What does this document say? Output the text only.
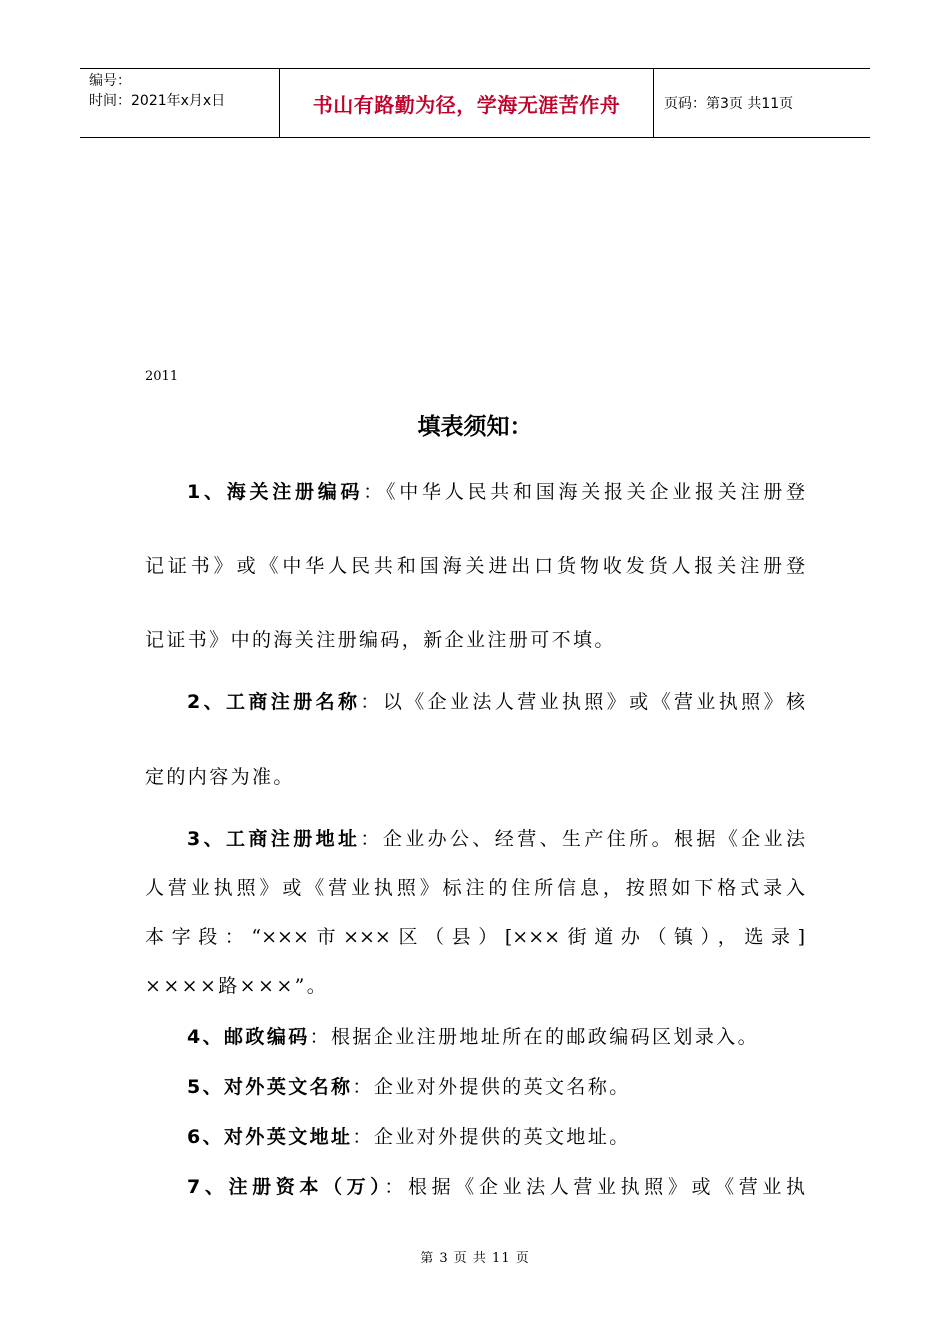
编号：
时间：2021年x月x日	书山有路勤为径，学海无涯苦作舟	页码：第3页 共11页
2011
填表须知：
1、海关注册编码：《中华人民共和国海关报关企业报关注册登
记证书》或《中华人民共和国海关进出口货物收发货人报关注册登
记证书》中的海关注册编码，新企业注册可不填。
2、工商注册名称：以《企业法人营业执照》或《营业执照》核
定的内容为准。
3、工商注册地址：企业办公、经营、生产住所。根据《企业法
人营业执照》或《营业执照》标注的住所信息，按照如下格式录入
本字段：“×××市×××区（县）[×××街道办（镇），选录]
××××路×××”。
4、邮政编码：根据企业注册地址所在的邮政编码区划录入。
5、对外英文名称：企业对外提供的英文名称。
6、对外英文地址：企业对外提供的英文地址。
7、注册资本（万）：根据《企业法人营业执照》或《营业执
第 3 页 共 11 页
